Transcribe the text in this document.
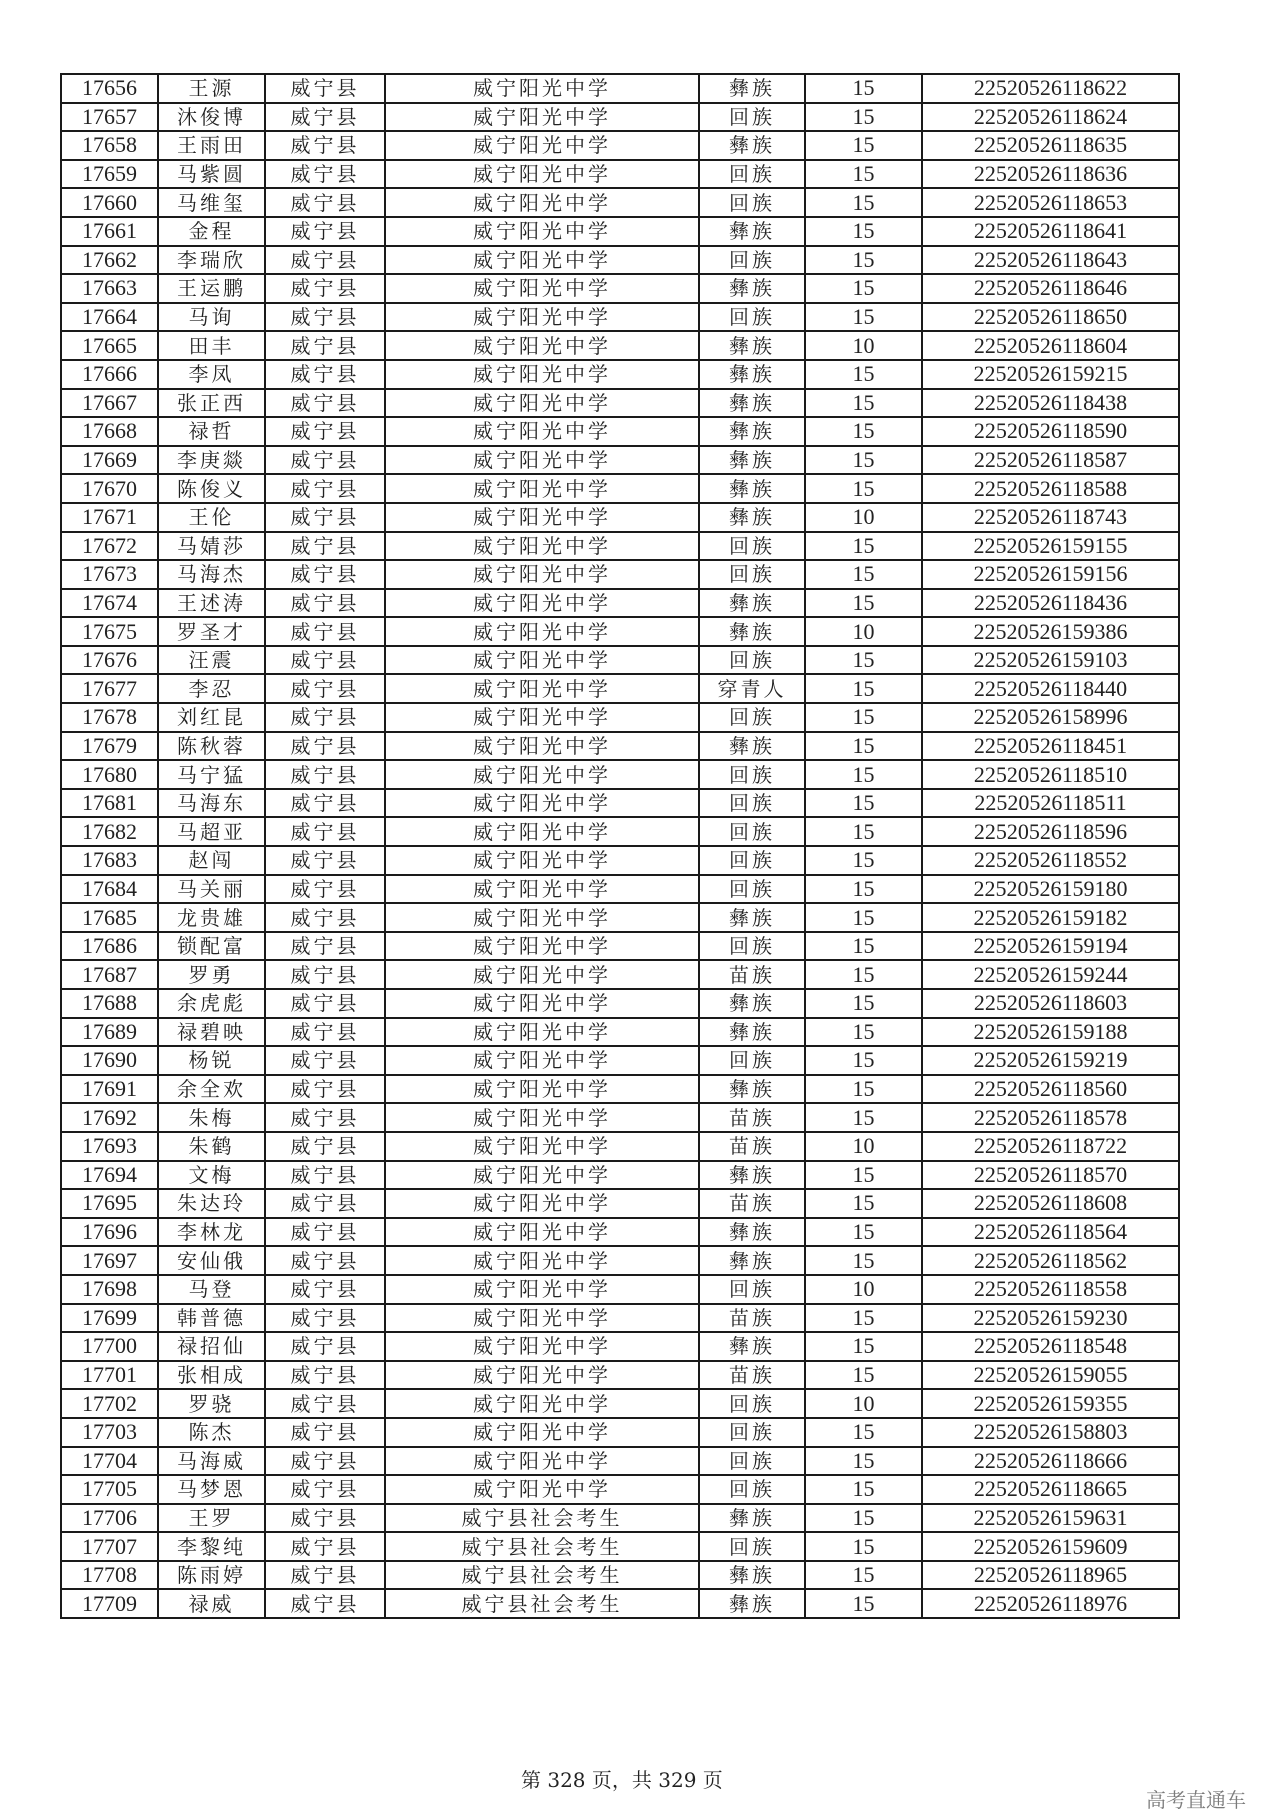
17656	王源	威宁县	威宁阳光中学	彝族	15	22520526118622
17657	沐俊博	威宁县	威宁阳光中学	回族	15	22520526118624
17658	王雨田	威宁县	威宁阳光中学	彝族	15	22520526118635
17659	马紫圆	威宁县	威宁阳光中学	回族	15	22520526118636
17660	马维玺	威宁县	威宁阳光中学	回族	15	22520526118653
17661	金程	威宁县	威宁阳光中学	彝族	15	22520526118641
17662	李瑞欣	威宁县	威宁阳光中学	回族	15	22520526118643
17663	王运鹏	威宁县	威宁阳光中学	彝族	15	22520526118646
17664	马询	威宁县	威宁阳光中学	回族	15	22520526118650
17665	田丰	威宁县	威宁阳光中学	彝族	10	22520526118604
17666	李凤	威宁县	威宁阳光中学	彝族	15	22520526159215
17667	张正西	威宁县	威宁阳光中学	彝族	15	22520526118438
17668	禄哲	威宁县	威宁阳光中学	彝族	15	22520526118590
17669	李庚燚	威宁县	威宁阳光中学	彝族	15	22520526118587
17670	陈俊义	威宁县	威宁阳光中学	彝族	15	22520526118588
17671	王伦	威宁县	威宁阳光中学	彝族	10	22520526118743
17672	马婧莎	威宁县	威宁阳光中学	回族	15	22520526159155
17673	马海杰	威宁县	威宁阳光中学	回族	15	22520526159156
17674	王述涛	威宁县	威宁阳光中学	彝族	15	22520526118436
17675	罗圣才	威宁县	威宁阳光中学	彝族	10	22520526159386
17676	汪震	威宁县	威宁阳光中学	回族	15	22520526159103
17677	李忍	威宁县	威宁阳光中学	穿青人	15	22520526118440
17678	刘红昆	威宁县	威宁阳光中学	回族	15	22520526158996
17679	陈秋蓉	威宁县	威宁阳光中学	彝族	15	22520526118451
17680	马宁猛	威宁县	威宁阳光中学	回族	15	22520526118510
17681	马海东	威宁县	威宁阳光中学	回族	15	22520526118511
17682	马超亚	威宁县	威宁阳光中学	回族	15	22520526118596
17683	赵闯	威宁县	威宁阳光中学	回族	15	22520526118552
17684	马关丽	威宁县	威宁阳光中学	回族	15	22520526159180
17685	龙贵雄	威宁县	威宁阳光中学	彝族	15	22520526159182
17686	锁配富	威宁县	威宁阳光中学	回族	15	22520526159194
17687	罗勇	威宁县	威宁阳光中学	苗族	15	22520526159244
17688	余虎彪	威宁县	威宁阳光中学	彝族	15	22520526118603
17689	禄碧映	威宁县	威宁阳光中学	彝族	15	22520526159188
17690	杨锐	威宁县	威宁阳光中学	回族	15	22520526159219
17691	余全欢	威宁县	威宁阳光中学	彝族	15	22520526118560
17692	朱梅	威宁县	威宁阳光中学	苗族	15	22520526118578
17693	朱鹤	威宁县	威宁阳光中学	苗族	10	22520526118722
17694	文梅	威宁县	威宁阳光中学	彝族	15	22520526118570
17695	朱达玲	威宁县	威宁阳光中学	苗族	15	22520526118608
17696	李林龙	威宁县	威宁阳光中学	彝族	15	22520526118564
17697	安仙俄	威宁县	威宁阳光中学	彝族	15	22520526118562
17698	马登	威宁县	威宁阳光中学	回族	10	22520526118558
17699	韩普德	威宁县	威宁阳光中学	苗族	15	22520526159230
17700	禄招仙	威宁县	威宁阳光中学	彝族	15	22520526118548
17701	张相成	威宁县	威宁阳光中学	苗族	15	22520526159055
17702	罗骁	威宁县	威宁阳光中学	回族	10	22520526159355
17703	陈杰	威宁县	威宁阳光中学	回族	15	22520526158803
17704	马海威	威宁县	威宁阳光中学	回族	15	22520526118666
17705	马梦恩	威宁县	威宁阳光中学	回族	15	22520526118665
17706	王罗	威宁县	威宁县社会考生	彝族	15	22520526159631
17707	李黎纯	威宁县	威宁县社会考生	回族	15	22520526159609
17708	陈雨婷	威宁县	威宁县社会考生	彝族	15	22520526118965
17709	禄威	威宁县	威宁县社会考生	彝族	15	22520526118976
第 328 页，共 329 页
高考直通车
